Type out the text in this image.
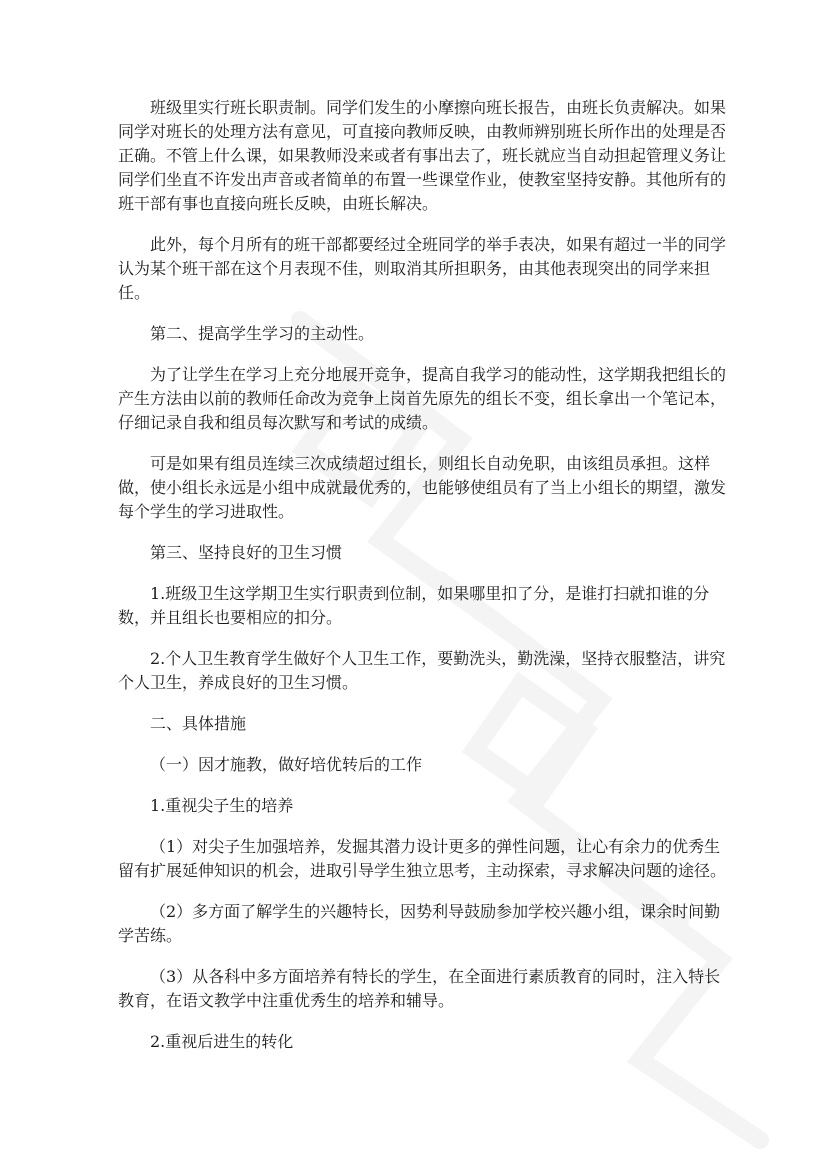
班级里实行班长职责制。同学们发生的小摩擦向班长报告，由班长负责解决。如果同学对班长的处理方法有意见，可直接向教师反映，由教师辨别班长所作出的处理是否正确。不管上什么课，如果教师没来或者有事出去了，班长就应当自动担起管理义务让同学们坐直不许发出声音或者简单的布置一些课堂作业，使教室坚持安静。其他所有的班干部有事也直接向班长反映，由班长解决。

此外，每个月所有的班干部都要经过全班同学的举手表决，如果有超过一半的同学认为某个班干部在这个月表现不佳，则取消其所担职务，由其他表现突出的同学来担任。

第二、提高学生学习的主动性。

为了让学生在学习上充分地展开竞争，提高自我学习的能动性，这学期我把组长的产生方法由以前的教师任命改为竞争上岗首先原先的组长不变，组长拿出一个笔记本，仔细记录自我和组员每次默写和考试的成绩。

可是如果有组员连续三次成绩超过组长，则组长自动免职，由该组员承担。这样做，使小组长永远是小组中成就最优秀的，也能够使组员有了当上小组长的期望，激发每个学生的学习进取性。

第三、坚持良好的卫生习惯

1.班级卫生这学期卫生实行职责到位制，如果哪里扣了分，是谁打扫就扣谁的分数，并且组长也要相应的扣分。

2.个人卫生教育学生做好个人卫生工作，要勤洗头，勤洗澡，坚持衣服整洁，讲究个人卫生，养成良好的卫生习惯。

二、具体措施

（一）因才施教，做好培优转后的工作

1.重视尖子生的培养

（1）对尖子生加强培养，发掘其潜力设计更多的弹性问题，让心有余力的优秀生留有扩展延伸知识的机会，进取引导学生独立思考，主动探索，寻求解决问题的途径。

（2）多方面了解学生的兴趣特长，因势利导鼓励参加学校兴趣小组，课余时间勤学苦练。

（3）从各科中多方面培养有特长的学生，在全面进行素质教育的同时，注入特长教育，在语文教学中注重优秀生的培养和辅导。

2.重视后进生的转化
